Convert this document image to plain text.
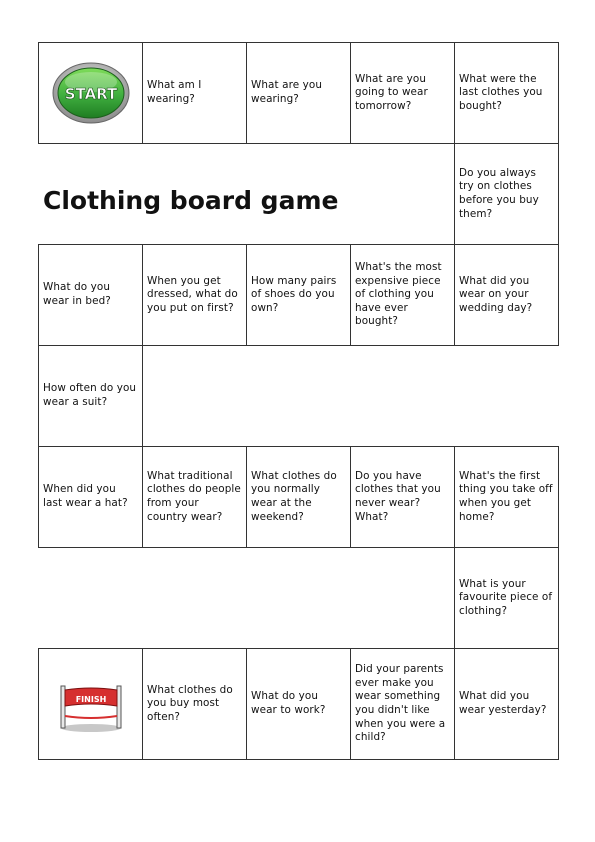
START	What am I wearing?
What are you wearing?
What are you going to wear tomorrow?
What were the last clothes you bought?
Do you always try on clothes before you buy them?
What do you wear in bed?
When you get dressed, what do you put on first?
How many pairs of shoes do you own?
What's the most expensive piece of clothing you have ever bought?
What did you wear on your wedding day?
How often do you wear a suit?
When did you last wear a hat?
What traditional clothes do people from your country wear?
What clothes do you normally wear at the weekend?
Do you have clothes that you never wear? What?
What's the first thing you take off when you get home?
What is your favourite piece of clothing?
FINISH
What clothes do you buy most often?
What do you wear to work?
Did your parents ever make you wear something you didn't like when you were a child?
What did you wear yesterday?
Clothing board game
